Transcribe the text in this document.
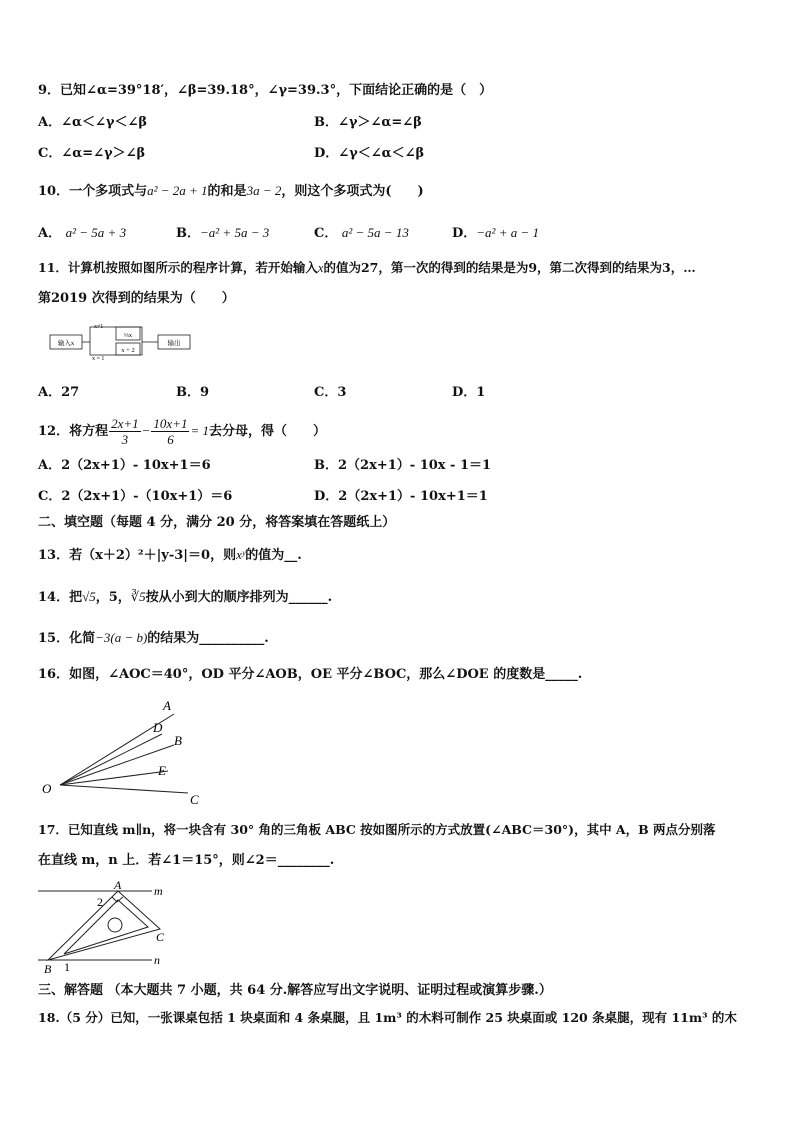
9．已知∠α=39°18′，∠β=39.18°，∠γ=39.3°，下面结论正确的是（　）
A．∠α＜∠γ＜∠β	B．∠γ＞∠α=∠β
C．∠α=∠γ＞∠β	D．∠γ＜∠α＜∠β
10．一个多项式与a² − 2a + 1的和是3a − 2，则这个多项式为(　　)
A． a² − 5a + 3	B．−a² + 5a − 3	C． a² − 5a − 13	D．−a² + a − 1
11．计算机按照如图所示的程序计算，若开始输入x的值为27，第一次的得到的结果是为9，第二次得到的结果为3，…
第2019 次得到的结果为（　　）
输入x
⅓x
x + 2
x≠1
x = 1
输出
A．27	B．9	C．3	D．1
12．将方程 $\frac{2x+1}{3} - \frac{10x+1}{6} = 1$去分母，得（　　）
A．2（2x+1）- 10x+1＝6	B．2（2x+1）- 10x - 1＝1
C．2（2x+1）-（10x+1）＝6	D．2（2x+1）- 10x+1＝1
二、填空题（每题 4 分，满分 20 分，将答案填在答题纸上）
13．若（x＋2）²＋|y-3|＝0，则xʸ的值为__.
14．把√5，5，∛5按从小到大的顺序排列为______.
15．化简−3(a − b)的结果为__________.
16．如图，∠AOC＝40°，OD 平分∠AOB，OE 平分∠BOC，那么∠DOE 的度数是_____.
A
D
B
E
O
C
17．已知直线 m∥n，将一块含有 30° 角的三角板 ABC 按如图所示的方式放置(∠ABC＝30°)，其中 A，B 两点分别落
在直线 m，n 上．若∠1＝15°，则∠2＝________.
A	m
2
C
B 1	n
三、解答题 （本大题共 7 小题，共 64 分.解答应写出文字说明、证明过程或演算步骤.）
18.（5 分）已知，一张课桌包括 1 块桌面和 4 条桌腿，且 1m³ 的木料可制作 25 块桌面或 120 条桌腿，现有 11m³ 的木
